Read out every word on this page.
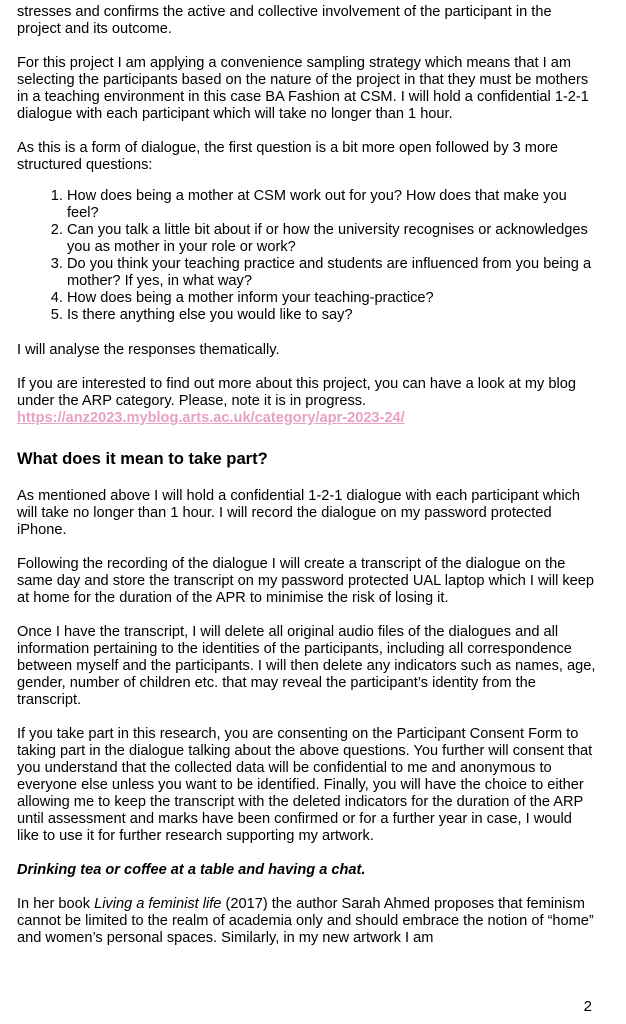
stresses and confirms the active and collective involvement of the participant in the project and its outcome.

For this project I am applying a convenience sampling strategy which means that I am selecting the participants based on the nature of the project in that they must be mothers in a teaching environment in this case BA Fashion at CSM. I will hold a confidential 1-2-1 dialogue with each participant which will take no longer than 1 hour.

As this is a form of dialogue, the first question is a bit more open followed by 3 more structured questions:

1. How does being a mother at CSM work out for you? How does that make you feel?
2. Can you talk a little bit about if or how the university recognises or acknowledges you as mother in your role or work?
3. Do you think your teaching practice and students are influenced from you being a mother? If yes, in what way?
4. How does being a mother inform your teaching-practice?
5. Is there anything else you would like to say?

I will analyse the responses thematically.

If you are interested to find out more about this project, you can have a look at my blog under the ARP category. Please, note it is in progress.
https://anz2023.myblog.arts.ac.uk/category/apr-2023-24/

What does it mean to take part?

As mentioned above I will hold a confidential 1-2-1 dialogue with each participant which will take no longer than 1 hour. I will record the dialogue on my password protected iPhone.

Following the recording of the dialogue I will create a transcript of the dialogue on the same day and store the transcript on my password protected UAL laptop which I will keep at home for the duration of the APR to minimise the risk of losing it.

Once I have the transcript, I will delete all original audio files of the dialogues and all information pertaining to the identities of the participants, including all correspondence between myself and the participants. I will then delete any indicators such as names, age, gender, number of children etc. that may reveal the participant’s identity from the transcript.

If you take part in this research, you are consenting on the Participant Consent Form to taking part in the dialogue talking about the above questions. You further will consent that you understand that the collected data will be confidential to me and anonymous to everyone else unless you want to be identified. Finally, you will have the choice to either allowing me to keep the transcript with the deleted indicators for the duration of the ARP until assessment and marks have been confirmed or for a further year in case, I would like to use it for further research supporting my artwork.

Drinking tea or coffee at a table and having a chat.

In her book Living a feminist life (2017) the author Sarah Ahmed proposes that feminism cannot be limited to the realm of academia only and should embrace the notion of “home” and women’s personal spaces. Similarly, in my new artwork I am

2
